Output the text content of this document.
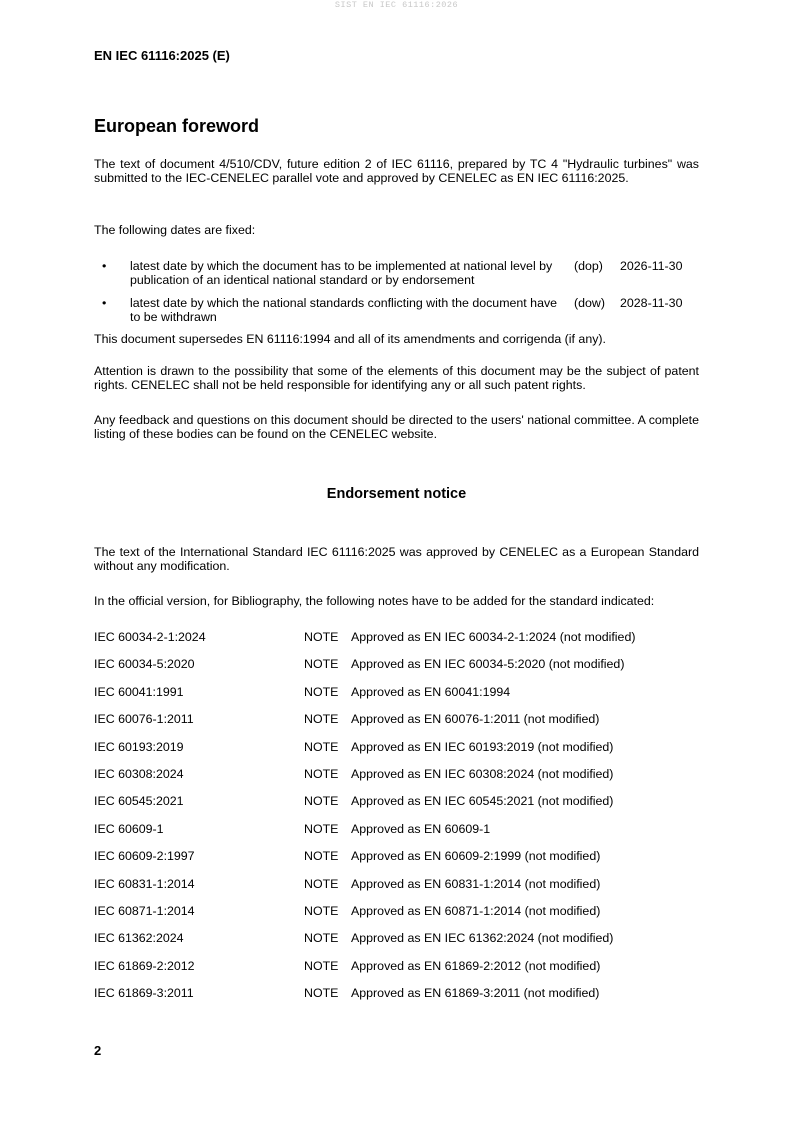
SIST EN IEC 61116:2026
EN IEC 61116:2025 (E)
European foreword
The text of document 4/510/CDV, future edition 2 of IEC 61116, prepared by TC 4 "Hydraulic turbines" was submitted to the IEC-CENELEC parallel vote and approved by CENELEC as EN IEC 61116:2025.
The following dates are fixed:
• latest date by which the document has to be implemented at national level by publication of an identical national standard or by endorsement
(dop) 2026-11-30
• latest date by which the national standards conflicting with the document have to be withdrawn
(dow) 2028-11-30
This document supersedes EN 61116:1994 and all of its amendments and corrigenda (if any).
Attention is drawn to the possibility that some of the elements of this document may be the subject of patent rights. CENELEC shall not be held responsible for identifying any or all such patent rights.
Any feedback and questions on this document should be directed to the users' national committee. A complete listing of these bodies can be found on the CENELEC website.
Endorsement notice
The text of the International Standard IEC 61116:2025 was approved by CENELEC as a European Standard without any modification.
In the official version, for Bibliography, the following notes have to be added for the standard indicated:
IEC 60034-2-1:2024	NOTE Approved as EN IEC 60034-2-1:2024 (not modified)
IEC 60034-5:2020	NOTE Approved as EN IEC 60034-5:2020 (not modified)
IEC 60041:1991	NOTE Approved as EN 60041:1994
IEC 60076-1:2011	NOTE Approved as EN 60076-1:2011 (not modified)
IEC 60193:2019	NOTE Approved as EN IEC 60193:2019 (not modified)
IEC 60308:2024	NOTE Approved as EN IEC 60308:2024 (not modified)
IEC 60545:2021	NOTE Approved as EN IEC 60545:2021 (not modified)
IEC 60609-1	NOTE Approved as EN 60609-1
IEC 60609-2:1997	NOTE Approved as EN 60609-2:1999 (not modified)
IEC 60831-1:2014	NOTE Approved as EN 60831-1:2014 (not modified)
IEC 60871-1:2014	NOTE Approved as EN 60871-1:2014 (not modified)
IEC 61362:2024	NOTE Approved as EN IEC 61362:2024 (not modified)
IEC 61869-2:2012	NOTE Approved as EN 61869-2:2012 (not modified)
IEC 61869-3:2011	NOTE Approved as EN 61869-3:2011 (not modified)
2
